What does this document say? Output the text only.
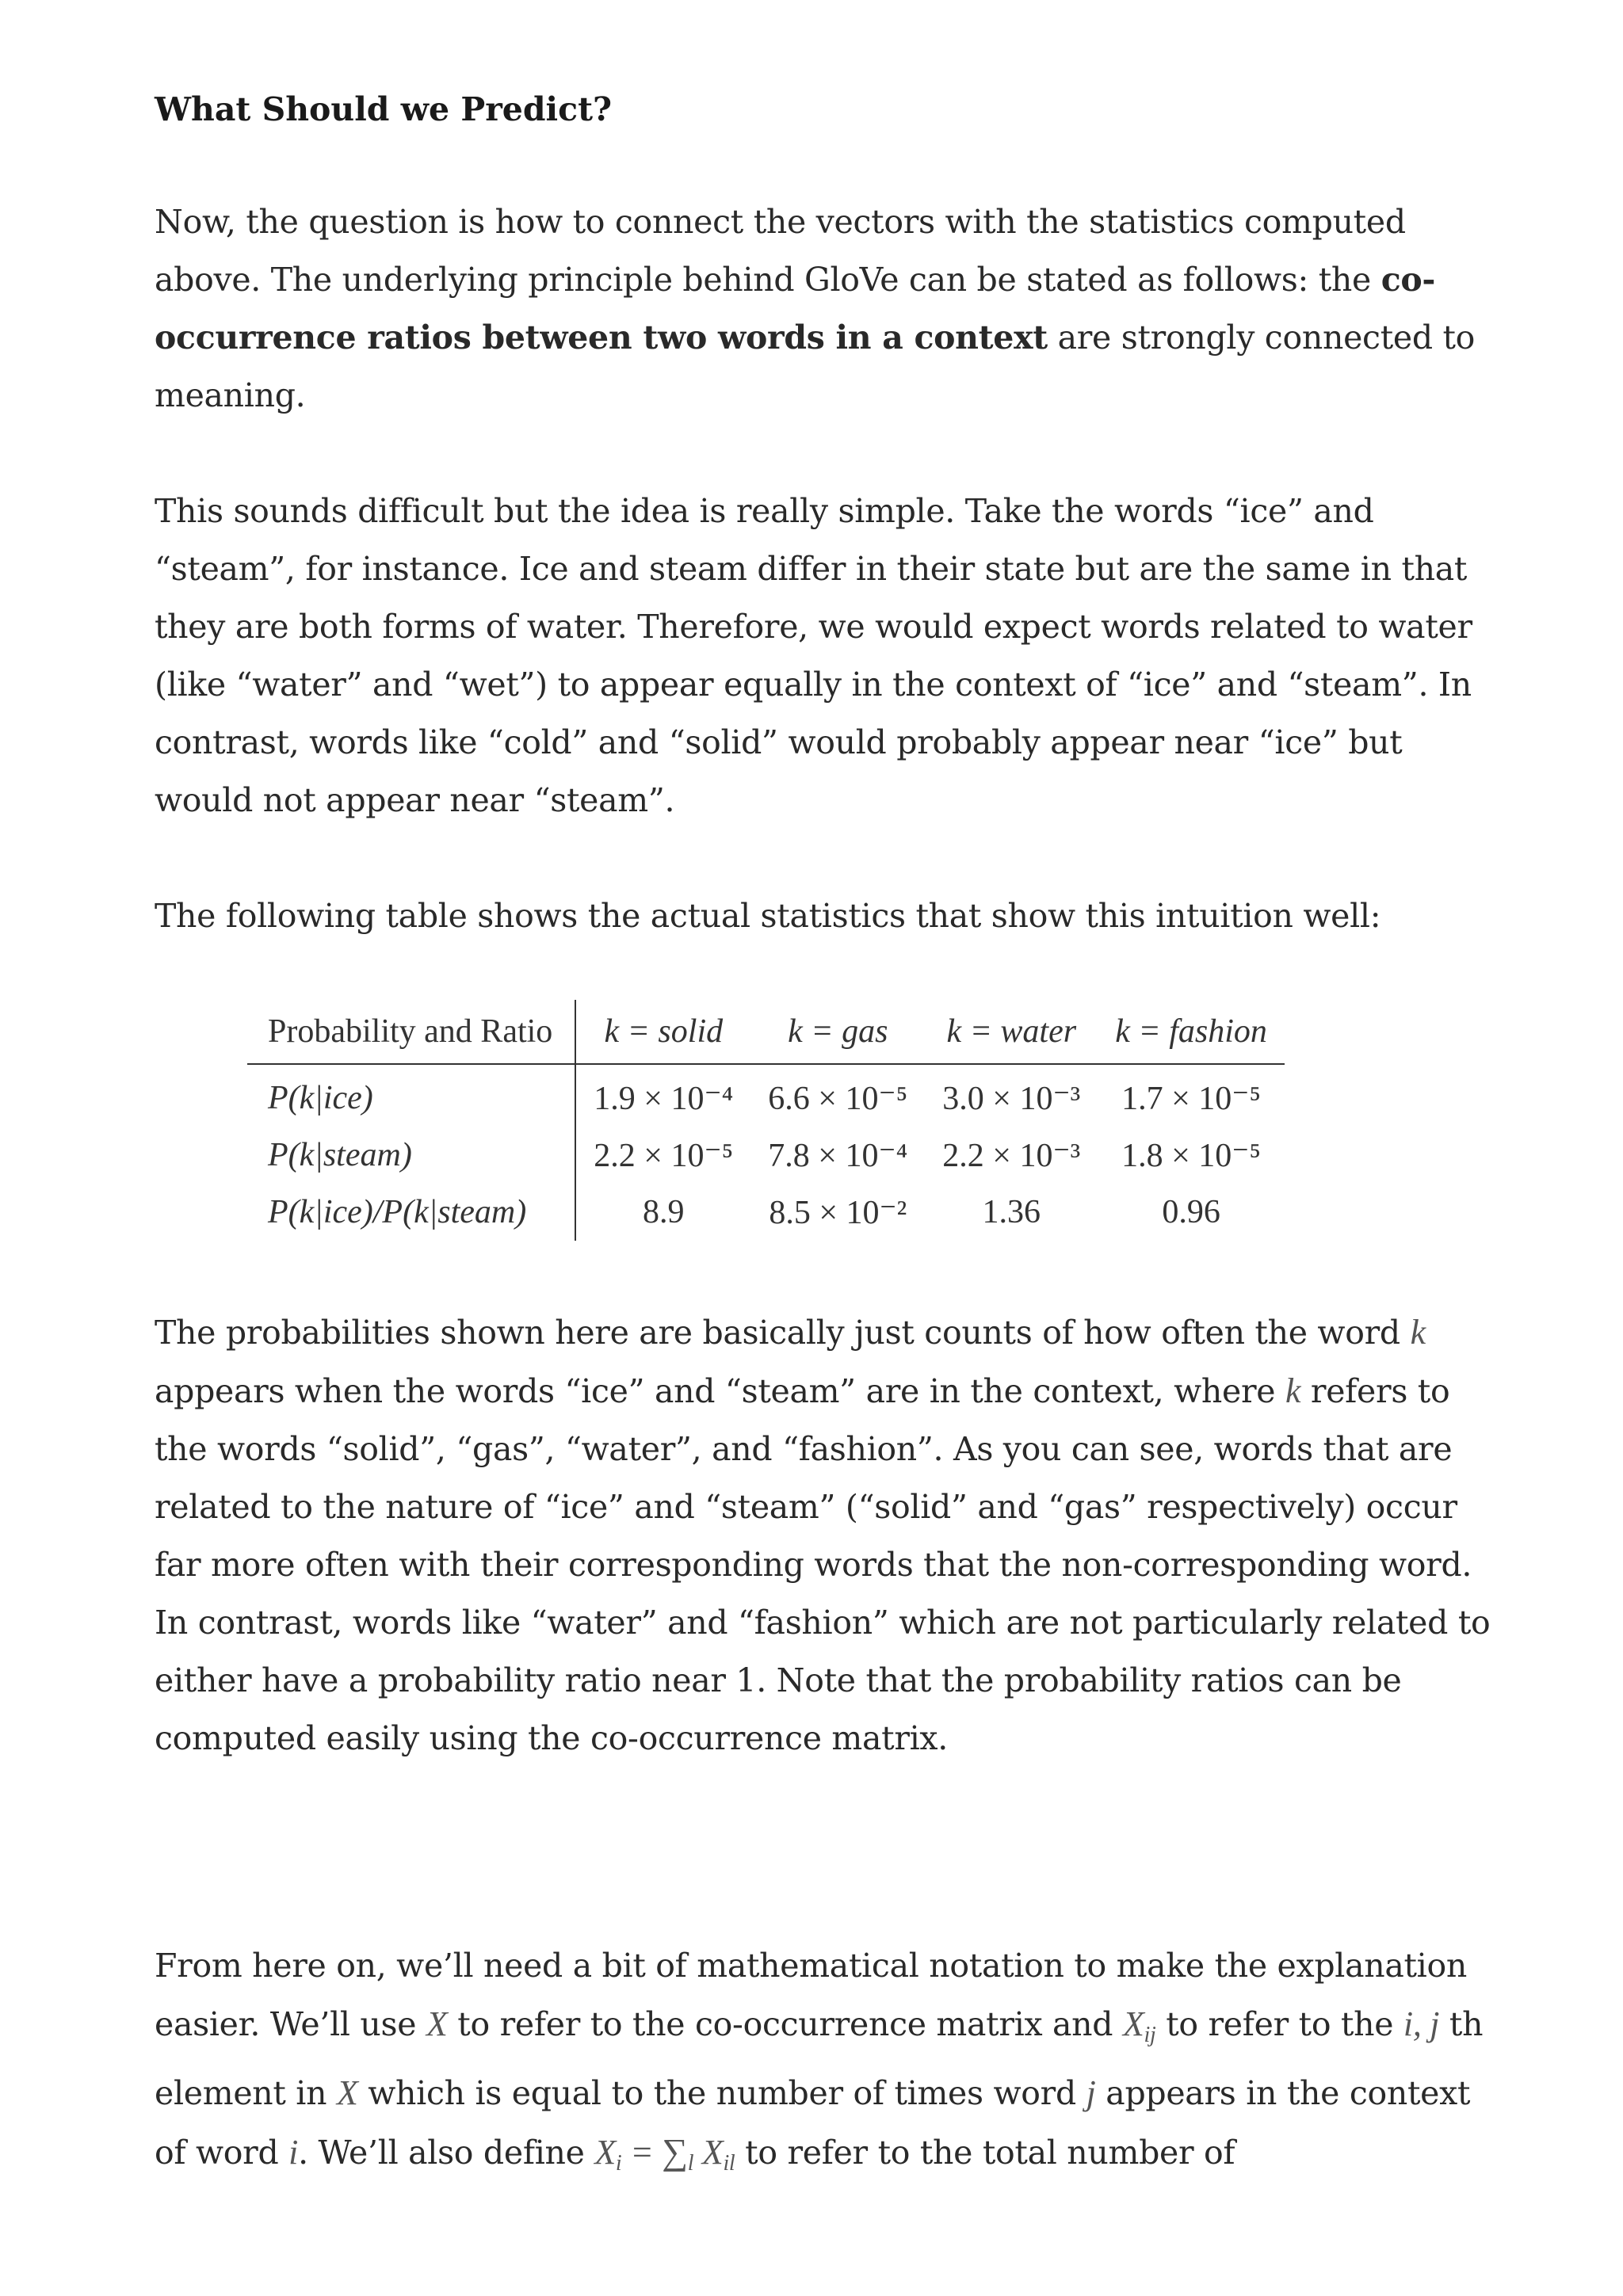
What Should we Predict?

Now, the question is how to connect the vectors with the statistics computed above. The underlying principle behind GloVe can be stated as follows: the co-occurrence ratios between two words in a context are strongly connected to meaning.

This sounds difficult but the idea is really simple. Take the words “ice” and “steam”, for instance. Ice and steam differ in their state but are the same in that they are both forms of water. Therefore, we would expect words related to water (like “water” and “wet”) to appear equally in the context of “ice” and “steam”. In contrast, words like “cold” and “solid” would probably appear near “ice” but would not appear near “steam”.

The following table shows the actual statistics that show this intuition well:

Probability and Ratio	k = solid	k = gas	k = water	k = fashion
P(k|ice)	1.9 × 10⁻⁴	6.6 × 10⁻⁵	3.0 × 10⁻³	1.7 × 10⁻⁵
P(k|steam)	2.2 × 10⁻⁵	7.8 × 10⁻⁴	2.2 × 10⁻³	1.8 × 10⁻⁵
P(k|ice)/P(k|steam)	8.9	8.5 × 10⁻²	1.36	0.96

The probabilities shown here are basically just counts of how often the word k appears when the words “ice” and “steam” are in the context, where k refers to the words “solid”, “gas”, “water”, and “fashion”. As you can see, words that are related to the nature of “ice” and “steam” (“solid” and “gas” respectively) occur far more often with their corresponding words that the non-corresponding word. In contrast, words like “water” and “fashion” which are not particularly related to either have a probability ratio near 1. Note that the probability ratios can be computed easily using the co-occurrence matrix.

From here on, we’ll need a bit of mathematical notation to make the explanation easier. We’ll use X to refer to the co-occurrence matrix and Xij to refer to the i, j th element in X which is equal to the number of times word j appears in the context of word i. We’ll also define Xi = ∑l Xil to refer to the total number of
